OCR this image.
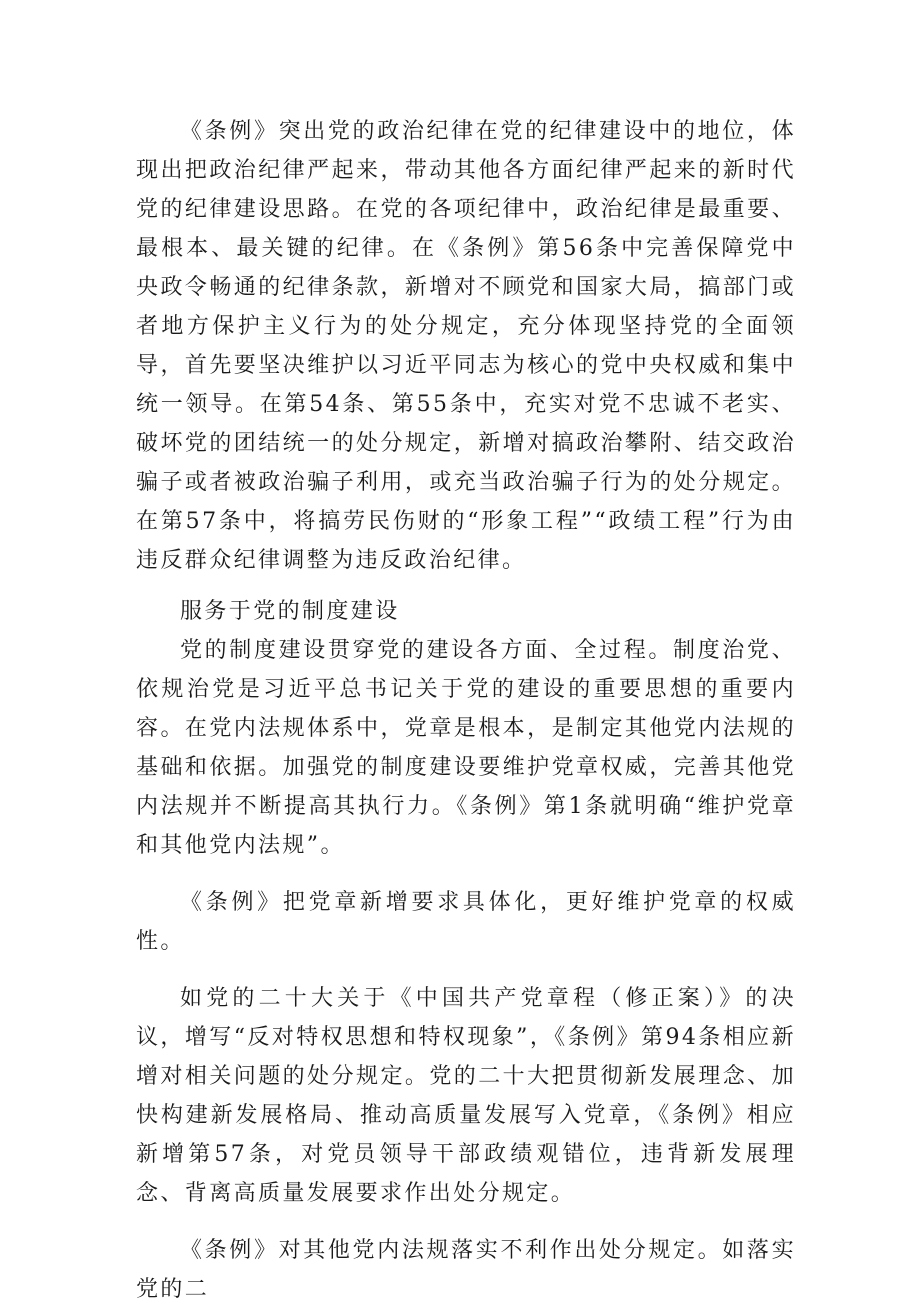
《条例》突出党的政治纪律在党的纪律建设中的地位，体现出把政治纪律严起来，带动其他各方面纪律严起来的新时代党的纪律建设思路。在党的各项纪律中，政治纪律是最重要、最根本、最关键的纪律。在《条例》第56条中完善保障党中央政令畅通的纪律条款，新增对不顾党和国家大局，搞部门或者地方保护主义行为的处分规定，充分体现坚持党的全面领导，首先要坚决维护以习近平同志为核心的党中央权威和集中统一领导。在第54条、第55条中，充实对党不忠诚不老实、破坏党的团结统一的处分规定，新增对搞政治攀附、结交政治骗子或者被政治骗子利用，或充当政治骗子行为的处分规定。在第57条中，将搞劳民伤财的“形象工程”“政绩工程”行为由违反群众纪律调整为违反政治纪律。

服务于党的制度建设

党的制度建设贯穿党的建设各方面、全过程。制度治党、依规治党是习近平总书记关于党的建设的重要思想的重要内容。在党内法规体系中，党章是根本，是制定其他党内法规的基础和依据。加强党的制度建设要维护党章权威，完善其他党内法规并不断提高其执行力。《条例》第1条就明确“维护党章和其他党内法规”。

《条例》把党章新增要求具体化，更好维护党章的权威性。

如党的二十大关于《中国共产党章程（修正案）》的决议，增写“反对特权思想和特权现象”，《条例》第94条相应新增对相关问题的处分规定。党的二十大把贯彻新发展理念、加快构建新发展格局、推动高质量发展写入党章，《条例》相应新增第57条，对党员领导干部政绩观错位，违背新发展理念、背离高质量发展要求作出处分规定。

《条例》对其他党内法规落实不利作出处分规定。如落实党的二
